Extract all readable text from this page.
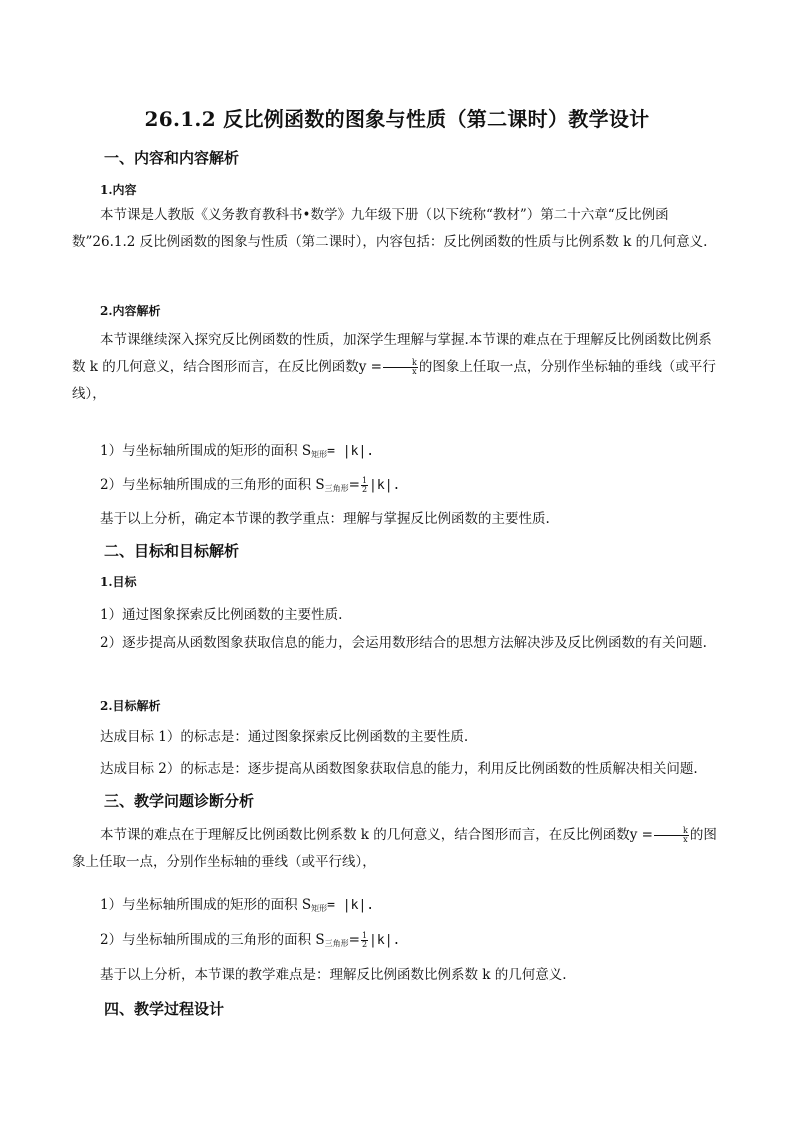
26.1.2 反比例函数的图象与性质（第二课时）教学设计
一、内容和内容解析
1.内容
本节课是人教版《义务教育教科书•数学》九年级下册（以下统称“教材”）第二十六章“反比例函数”26.1.2 反比例函数的图象与性质（第二课时），内容包括：反比例函数的性质与比例系数 k 的几何意义.
2.内容解析
本节课继续深入探究反比例函数的性质，加深学生理解与掌握.本节课的难点在于理解反比例函数比例系数 k 的几何意义，结合图形而言，在反比例函数$y = \frac{k}{x}$ 的图象上任取一点，分别作坐标轴的垂线（或平行线），
1）与坐标轴所围成的矩形的面积 $S_{矩形}= |k|$.
2）与坐标轴所围成的三角形的面积 $S_{三角形}= \frac{1}{2} |k|$.
基于以上分析，确定本节课的教学重点：理解与掌握反比例函数的主要性质.
二、目标和目标解析
1.目标
1）通过图象探索反比例函数的主要性质.
2）逐步提高从函数图象获取信息的能力，会运用数形结合的思想方法解决涉及反比例函数的有关问题.
2.目标解析
达成目标 1）的标志是：通过图象探索反比例函数的主要性质.
达成目标 2）的标志是：逐步提高从函数图象获取信息的能力，利用反比例函数的性质解决相关问题.
三、教学问题诊断分析
本节课的难点在于理解反比例函数比例系数 k 的几何意义，结合图形而言，在反比例函数$y = \frac{k}{x}$ 的图象上任取一点，分别作坐标轴的垂线（或平行线），
1）与坐标轴所围成的矩形的面积 $S_{矩形}= |k|$.
2）与坐标轴所围成的三角形的面积 $S_{三角形}= \frac{1}{2} |k|$.
基于以上分析，本节课的教学难点是：理解反比例函数比例系数 k 的几何意义.
四、教学过程设计
